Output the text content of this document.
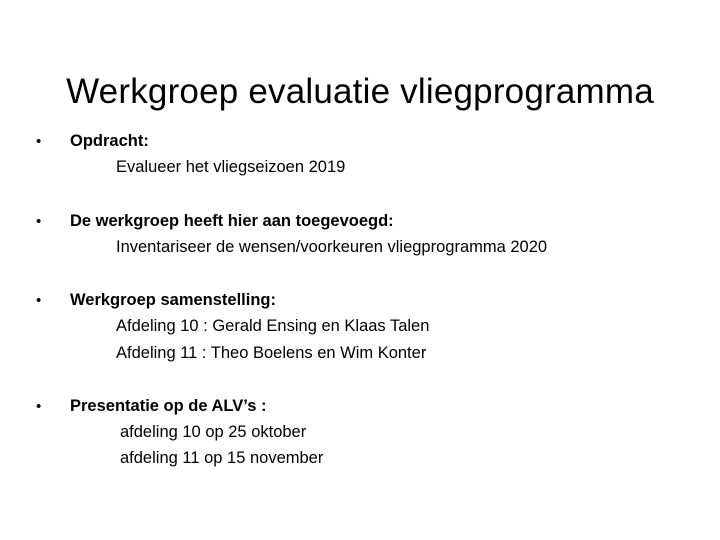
Werkgroep evaluatie vliegprogramma
• Opdracht:
Evalueer het vliegseizoen 2019
• De werkgroep heeft hier aan toegevoegd:
Inventariseer de wensen/voorkeuren vliegprogramma 2020
• Werkgroep samenstelling:
Afdeling 10 : Gerald Ensing en Klaas Talen
Afdeling 11 : Theo Boelens en Wim Konter
• Presentatie op de ALV’s :
afdeling 10 op 25 oktober
afdeling 11 op 15 november
